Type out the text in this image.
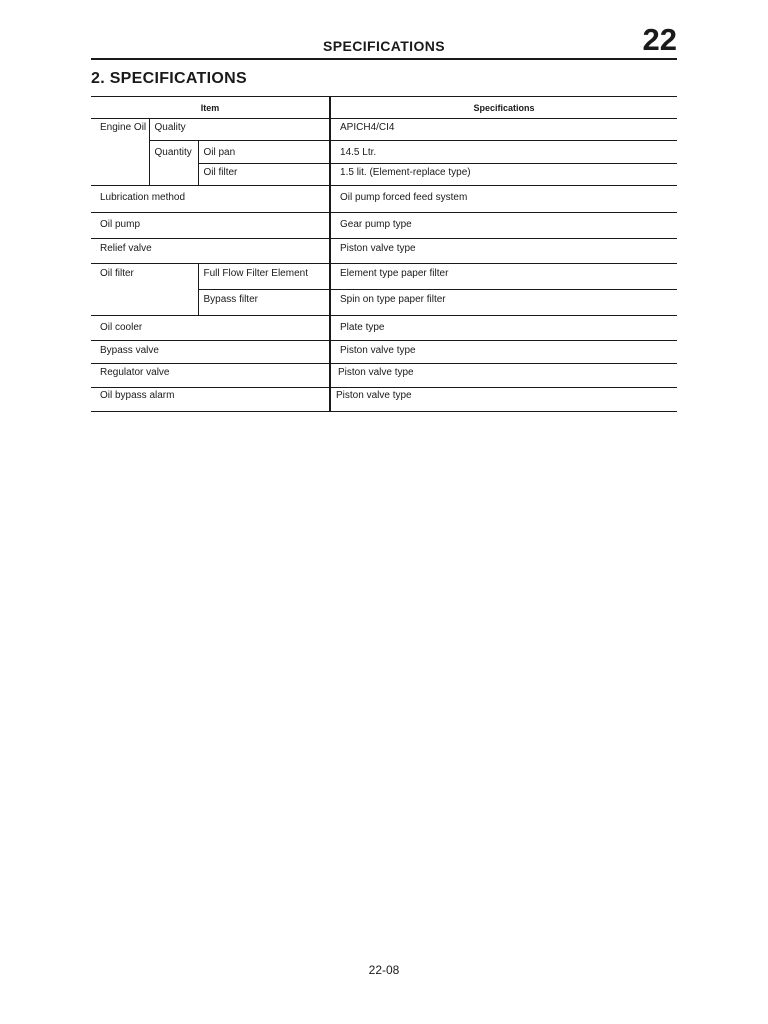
SPECIFICATIONS	22
2. SPECIFICATIONS
Item			Specifications
Engine Oil	Quality		APICH4/CI4
	Quantity	Oil pan	14.5 Ltr.
		Oil filter	1.5 lit. (Element-replace type)
Lubrication method			Oil pump forced feed system
Oil pump			Gear pump type
Relief valve			Piston valve type
Oil filter		Full Flow Filter Element	Element type paper filter
		Bypass filter	Spin on type paper filter
Oil cooler			Plate type
Bypass valve			Piston valve type
Regulator valve			Piston valve type
Oil bypass alarm			Piston valve type
22-08
